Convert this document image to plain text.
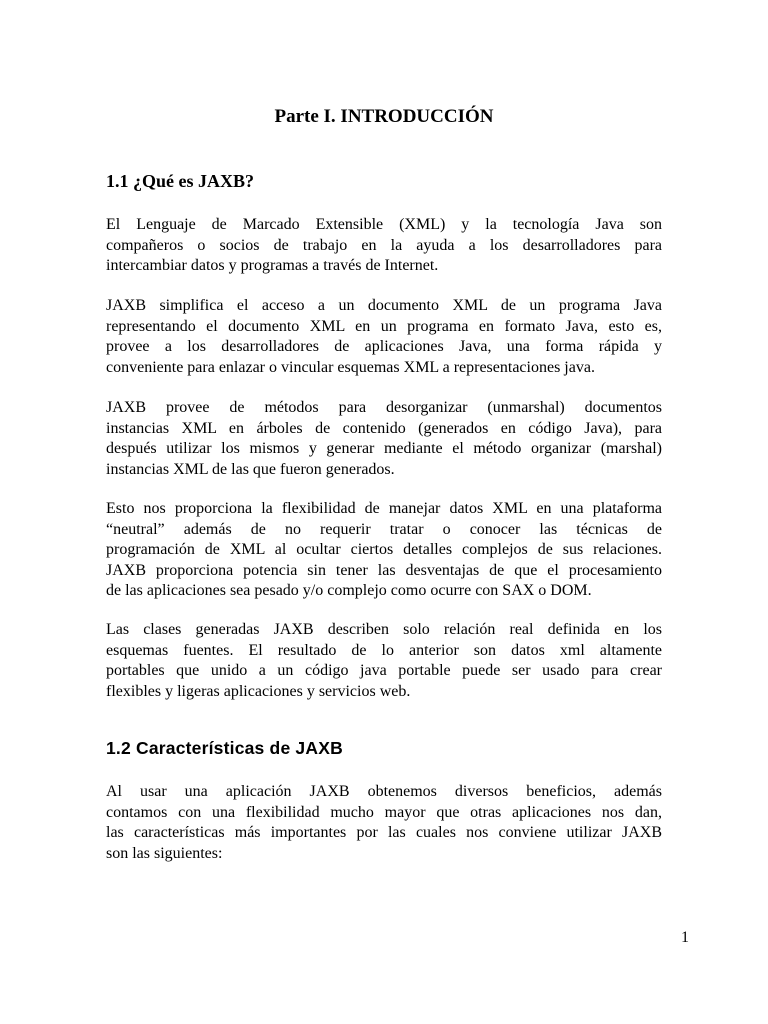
Parte I. INTRODUCCIÓN
1.1 ¿Qué es JAXB?

El Lenguaje de Marcado Extensible (XML) y la tecnología Java son
compañeros o socios de trabajo en la ayuda a los desarrolladores para
intercambiar datos y programas a través de Internet.

JAXB simplifica el acceso a un documento XML de un programa Java
representando el documento XML en un programa en formato Java, esto es,
provee a los desarrolladores de aplicaciones Java, una forma rápida y
conveniente para enlazar o vincular esquemas XML a representaciones java.

JAXB provee de métodos para desorganizar (unmarshal) documentos
instancias XML en árboles de contenido (generados en código Java), para
después utilizar los mismos y generar mediante el método organizar (marshal)
instancias XML de las que fueron generados.

Esto nos proporciona la flexibilidad de manejar datos XML en una plataforma
“neutral” además de no requerir tratar o conocer las técnicas de
programación de XML al ocultar ciertos detalles complejos de sus relaciones.
JAXB proporciona potencia sin tener las desventajas de que el procesamiento
de las aplicaciones sea pesado y/o complejo como ocurre con SAX o DOM.

Las clases generadas JAXB describen solo relación real definida en los
esquemas fuentes. El resultado de lo anterior son datos xml altamente
portables que unido a un código java portable puede ser usado para crear
flexibles y ligeras aplicaciones y servicios web.

1.2 Características de JAXB

Al usar una aplicación JAXB obtenemos diversos beneficios, además
contamos con una flexibilidad mucho mayor que otras aplicaciones nos dan,
las características más importantes por las cuales nos conviene utilizar JAXB
son las siguientes:

1
